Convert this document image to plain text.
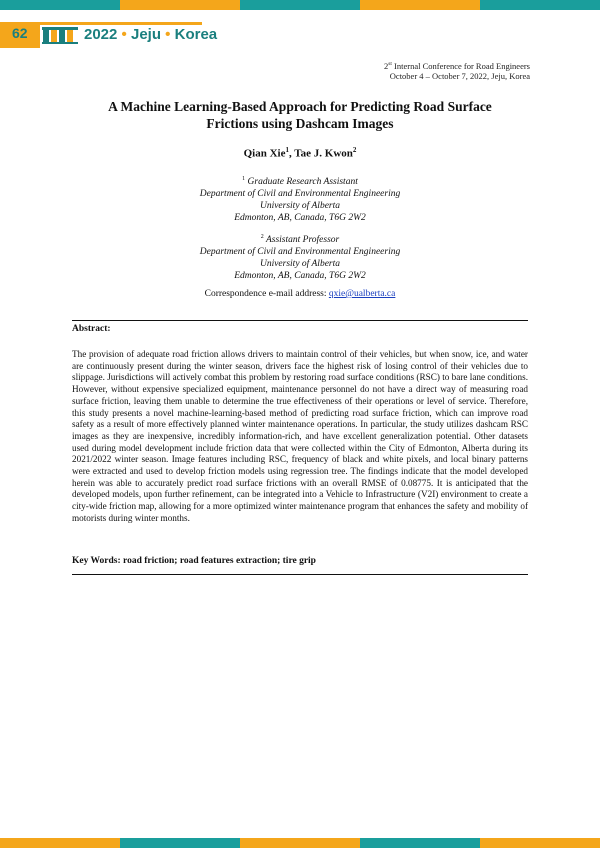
62	2022 • Jeju • Korea
2st Internal Conference for Road Engineers
October 4 – October 7, 2022, Jeju, Korea
A Machine Learning-Based Approach for Predicting Road Surface
Frictions using Dashcam Images
Qian Xie$^1$, Tae J. Kwon$^2$
$^1$ Graduate Research Assistant
Department of Civil and Environmental Engineering
University of Alberta
Edmonton, AB, Canada, T6G 2W2
$^2$ Assistant Professor
Department of Civil and Environmental Engineering
University of Alberta
Edmonton, AB, Canada, T6G 2W2
Correspondence e-mail address: qxie@ualberta.ca
Abstract:
The provision of adequate road friction allows drivers to maintain control of their vehicles, but when snow, ice, and water are continuously present during the winter season, drivers face the highest risk of losing control of their vehicles due to slippage. Jurisdictions will actively combat this problem by restoring road surface conditions (RSC) to bare lane conditions. However, without expensive specialized equipment, maintenance personnel do not have a direct way of measuring road surface friction, leaving them unable to determine the true effectiveness of their operations or level of service. Therefore, this study presents a novel machine-learning-based method of predicting road surface friction, which can improve road safety as a result of more effectively planned winter maintenance operations. In particular, the study utilizes dashcam RSC images as they are inexpensive, incredibly information-rich, and have excellent generalization potential. Other datasets used during model development include friction data that were collected within the City of Edmonton, Alberta during its 2021/2022 winter season. Image features including RSC, frequency of black and white pixels, and local binary patterns were extracted and used to develop friction models using regression tree. The findings indicate that the model developed herein was able to accurately predict road surface frictions with an overall RMSE of 0.08775. It is anticipated that the developed models, upon further refinement, can be integrated into a Vehicle to Infrastructure (V2I) environment to create a city-wide friction map, allowing for a more optimized winter maintenance program that enhances the safety and mobility of motorists during winter months.
Key Words: road friction; road features extraction; tire grip
